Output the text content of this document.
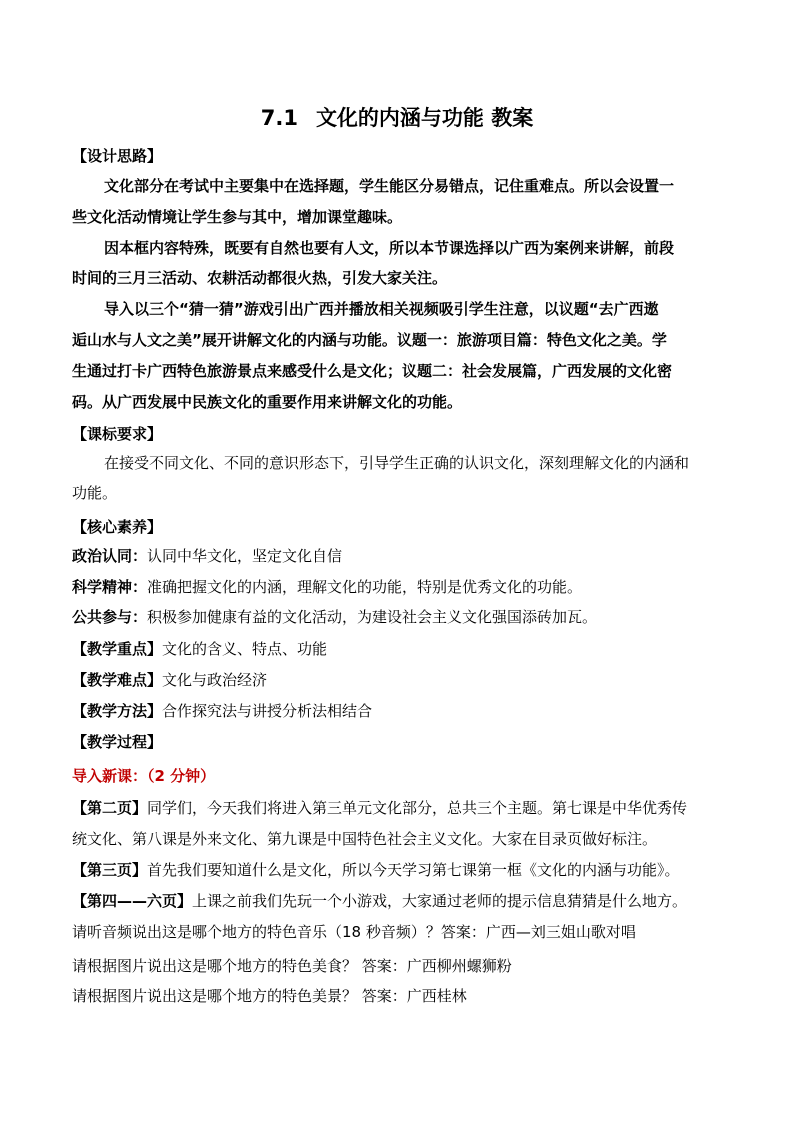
7.1 文化的内涵与功能 教案
【设计思路】
文化部分在考试中主要集中在选择题，学生能区分易错点，记住重难点。所以会设置一
些文化活动情境让学生参与其中，增加课堂趣味。
因本框内容特殊，既要有自然也要有人文，所以本节课选择以广西为案例来讲解，前段
时间的三月三活动、农耕活动都很火热，引发大家关注。
导入以三个“猜一猜”游戏引出广西并播放相关视频吸引学生注意，以议题“去广西遨
逅山水与人文之美”展开讲解文化的内涵与功能。议题一：旅游项目篇：特色文化之美。学
生通过打卡广西特色旅游景点来感受什么是文化；议题二：社会发展篇，广西发展的文化密
码。从广西发展中民族文化的重要作用来讲解文化的功能。
【课标要求】
在接受不同文化、不同的意识形态下，引导学生正确的认识文化，深刻理解文化的内涵和
功能。
【核心素养】
政治认同：认同中华文化，坚定文化自信
科学精神：准确把握文化的内涵，理解文化的功能，特别是优秀文化的功能。
公共参与：积极参加健康有益的文化活动，为建设社会主义文化强国添砖加瓦。
【教学重点】文化的含义、特点、功能
【教学难点】文化与政治经济
【教学方法】合作探究法与讲授分析法相结合
【教学过程】
导入新课：（2 分钟）
【第二页】同学们，今天我们将进入第三单元文化部分，总共三个主题。第七课是中华优秀传
统文化、第八课是外来文化、第九课是中国特色社会主义文化。大家在目录页做好标注。
【第三页】首先我们要知道什么是文化，所以今天学习第七课第一框《文化的内涵与功能》。
【第四——六页】上课之前我们先玩一个小游戏，大家通过老师的提示信息猜猜是什么地方。
请听音频说出这是哪个地方的特色音乐（18 秒音频）？答案：广西—刘三姐山歌对唱
请根据图片说出这是哪个地方的特色美食？ 答案：广西柳州螺狮粉
请根据图片说出这是哪个地方的特色美景？ 答案：广西桂林
